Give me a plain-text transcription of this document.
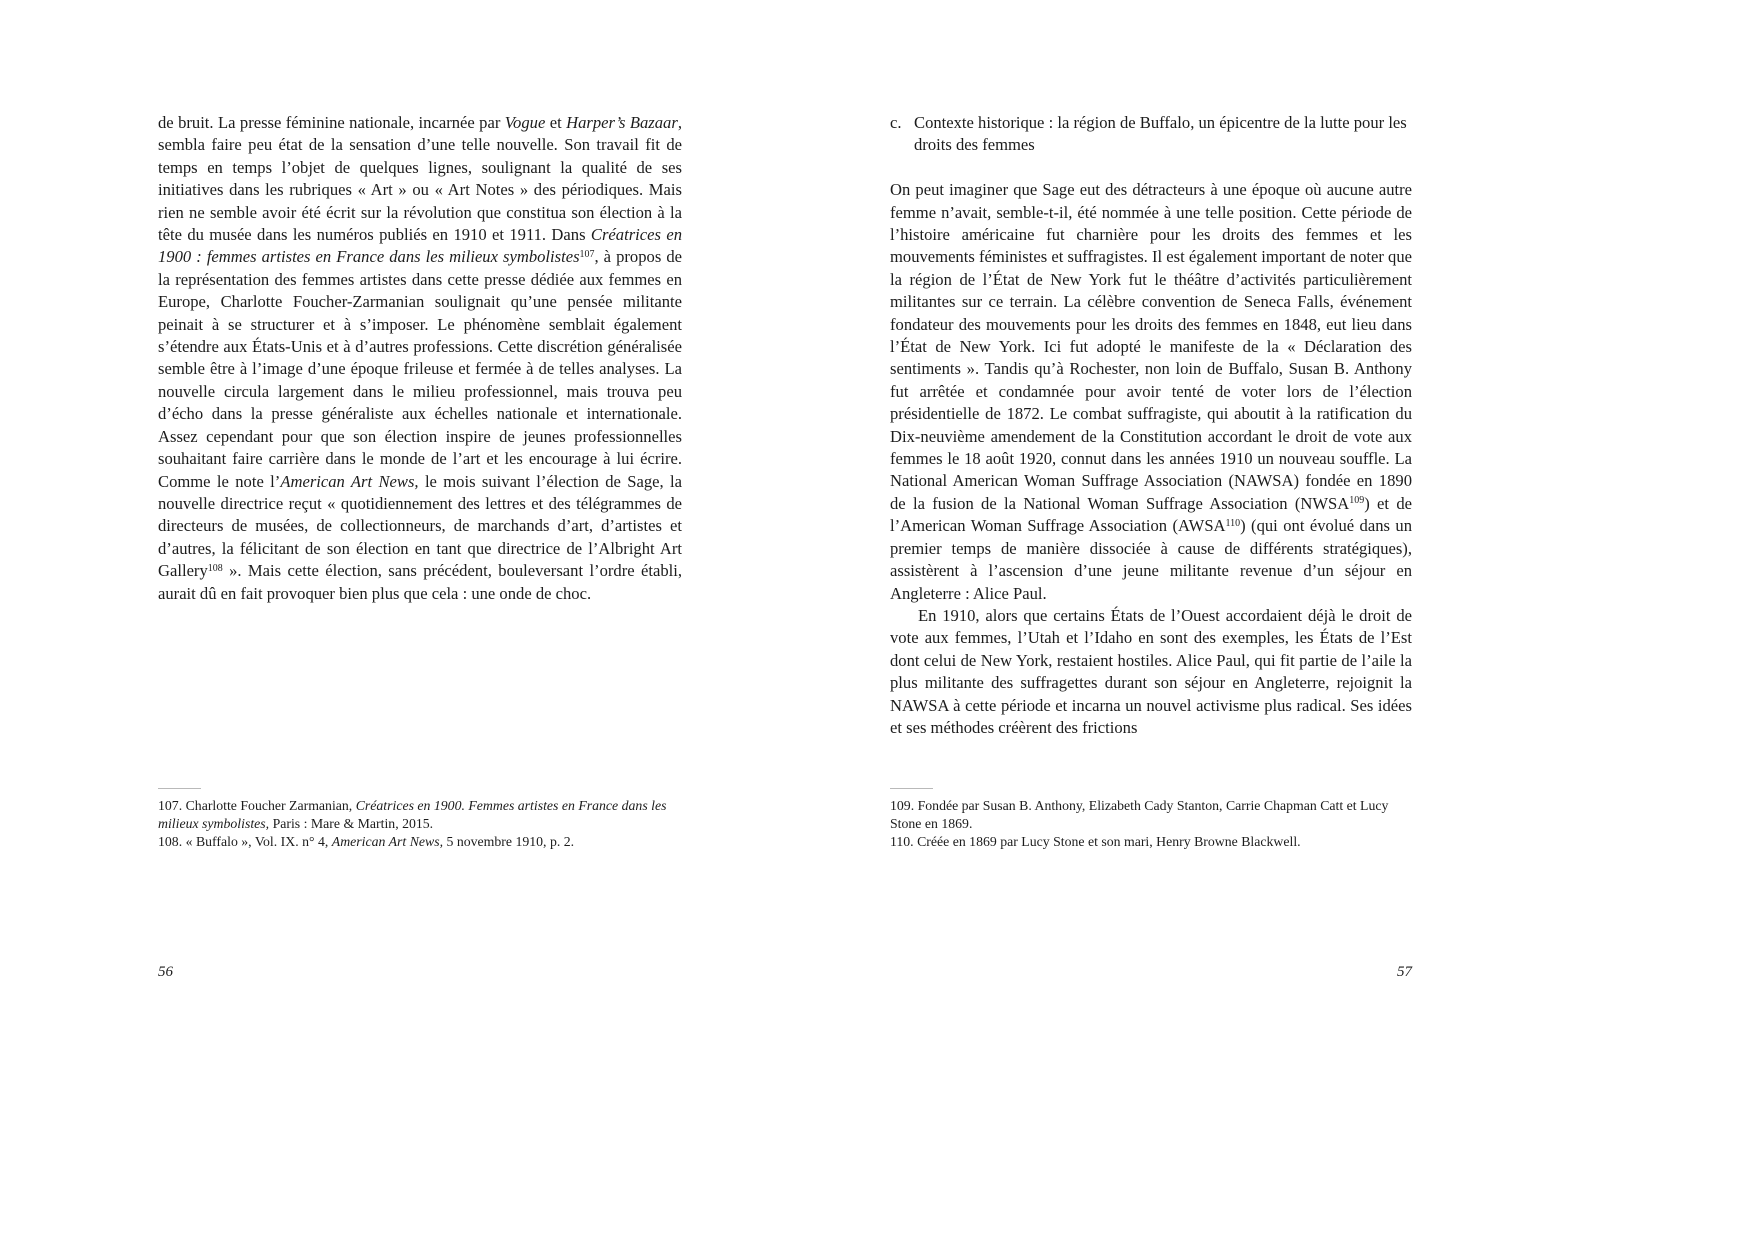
de bruit. La presse féminine nationale, incarnée par Vogue et Harper’s Bazaar, sembla faire peu état de la sensation d’une telle nouvelle. Son travail fit de temps en temps l’objet de quelques lignes, soulignant la qualité de ses initiatives dans les rubriques « Art » ou « Art Notes » des périodiques. Mais rien ne semble avoir été écrit sur la révolution que constitua son élection à la tête du musée dans les numéros publiés en 1910 et 1911. Dans Créatrices en 1900 : femmes artistes en France dans les milieux symbolistes$^{107}$, à propos de la représentation des femmes artistes dans cette presse dédiée aux femmes en Europe, Charlotte Foucher-Zarmanian soulignait qu’une pensée militante peinait à se structurer et à s’imposer. Le phénomène semblait également s’étendre aux États-Unis et à d’autres professions. Cette discrétion généralisée semble être à l’image d’une époque frileuse et fermée à de telles analyses. La nouvelle circula largement dans le milieu professionnel, mais trouva peu d’écho dans la presse généraliste aux échelles nationale et internationale. Assez cependant pour que son élection inspire de jeunes professionnelles souhaitant faire carrière dans le monde de l’art et les encourage à lui écrire. Comme le note l’American Art News, le mois suivant l’élection de Sage, la nouvelle directrice reçut « quotidiennement des lettres et des télégrammes de directeurs de musées, de collectionneurs, de marchands d’art, d’artistes et d’autres, la félicitant de son élection en tant que directrice de l’Albright Art Gallery$^{108}$ ». Mais cette élection, sans précédent, bouleversant l’ordre établi, aurait dû en fait provoquer bien plus que cela : une onde de choc.

107. Charlotte Foucher Zarmanian, Créatrices en 1900. Femmes artistes en France dans les milieux symbolistes, Paris : Mare & Martin, 2015.

108. « Buffalo », Vol. IX. n° 4, American Art News, 5 novembre 1910, p. 2.

56

c. Contexte historique : la région de Buffalo, un épicentre de la lutte pour les droits des femmes

On peut imaginer que Sage eut des détracteurs à une époque où aucune autre femme n’avait, semble-t-il, été nommée à une telle position. Cette période de l’histoire américaine fut charnière pour les droits des femmes et les mouvements féministes et suffragistes. Il est également important de noter que la région de l’État de New York fut le théâtre d’activités particulièrement militantes sur ce terrain. La célèbre convention de Seneca Falls, événement fondateur des mouvements pour les droits des femmes en 1848, eut lieu dans l’État de New York. Ici fut adopté le manifeste de la « Déclaration des sentiments ». Tandis qu’à Rochester, non loin de Buffalo, Susan B. Anthony fut arrêtée et condamnée pour avoir tenté de voter lors de l’élection présidentielle de 1872. Le combat suffragiste, qui aboutit à la ratification du Dix-neuvième amendement de la Constitution accordant le droit de vote aux femmes le 18 août 1920, connut dans les années 1910 un nouveau souffle. La National American Woman Suffrage Association (NAWSA) fondée en 1890 de la fusion de la National Woman Suffrage Association (NWSA$^{109}$) et de l’American Woman Suffrage Association (AWSA$^{110}$) (qui ont évolué dans un premier temps de manière dissociée à cause de différents stratégiques), assistèrent à l’ascension d’une jeune militante revenue d’un séjour en Angleterre : Alice Paul.

En 1910, alors que certains États de l’Ouest accordaient déjà le droit de vote aux femmes, l’Utah et l’Idaho en sont des exemples, les États de l’Est dont celui de New York, restaient hostiles. Alice Paul, qui fit partie de l’aile la plus militante des suffragettes durant son séjour en Angleterre, rejoignit la NAWSA à cette période et incarna un nouvel activisme plus radical. Ses idées et ses méthodes créèrent des frictions

109. Fondée par Susan B. Anthony, Elizabeth Cady Stanton, Carrie Chapman Catt et Lucy Stone en 1869.

110. Créée en 1869 par Lucy Stone et son mari, Henry Browne Blackwell.

57
